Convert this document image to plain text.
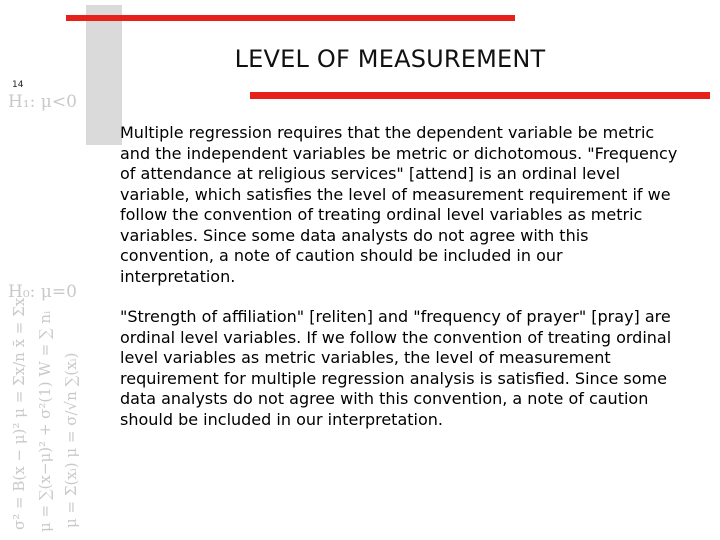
LEVEL OF MEASUREMENT
14
H₁: μ<0
σ² = B(x − μ)² μ = Σx/n x̄ = Σx μ = ∑(x−μ)² + σ²(1) W = ∑ nᵢ μ = Σ(xᵢ) μ = σ/√n ∑(xᵢ)
H₀: μ=0

Multiple regression requires that the dependent variable be metric and the independent variables be metric or dichotomous. "Frequency of attendance at religious services" [attend] is an ordinal level variable, which satisfies the level of measurement requirement if we follow the convention of treating ordinal level variables as metric variables. Since some data analysts do not agree with this convention, a note of caution should be included in our interpretation.

"Strength of affiliation" [reliten] and "frequency of prayer" [pray] are ordinal level variables. If we follow the convention of treating ordinal level variables as metric variables, the level of measurement requirement for multiple regression analysis is satisfied. Since some data analysts do not agree with this convention, a note of caution should be included in our interpretation.
